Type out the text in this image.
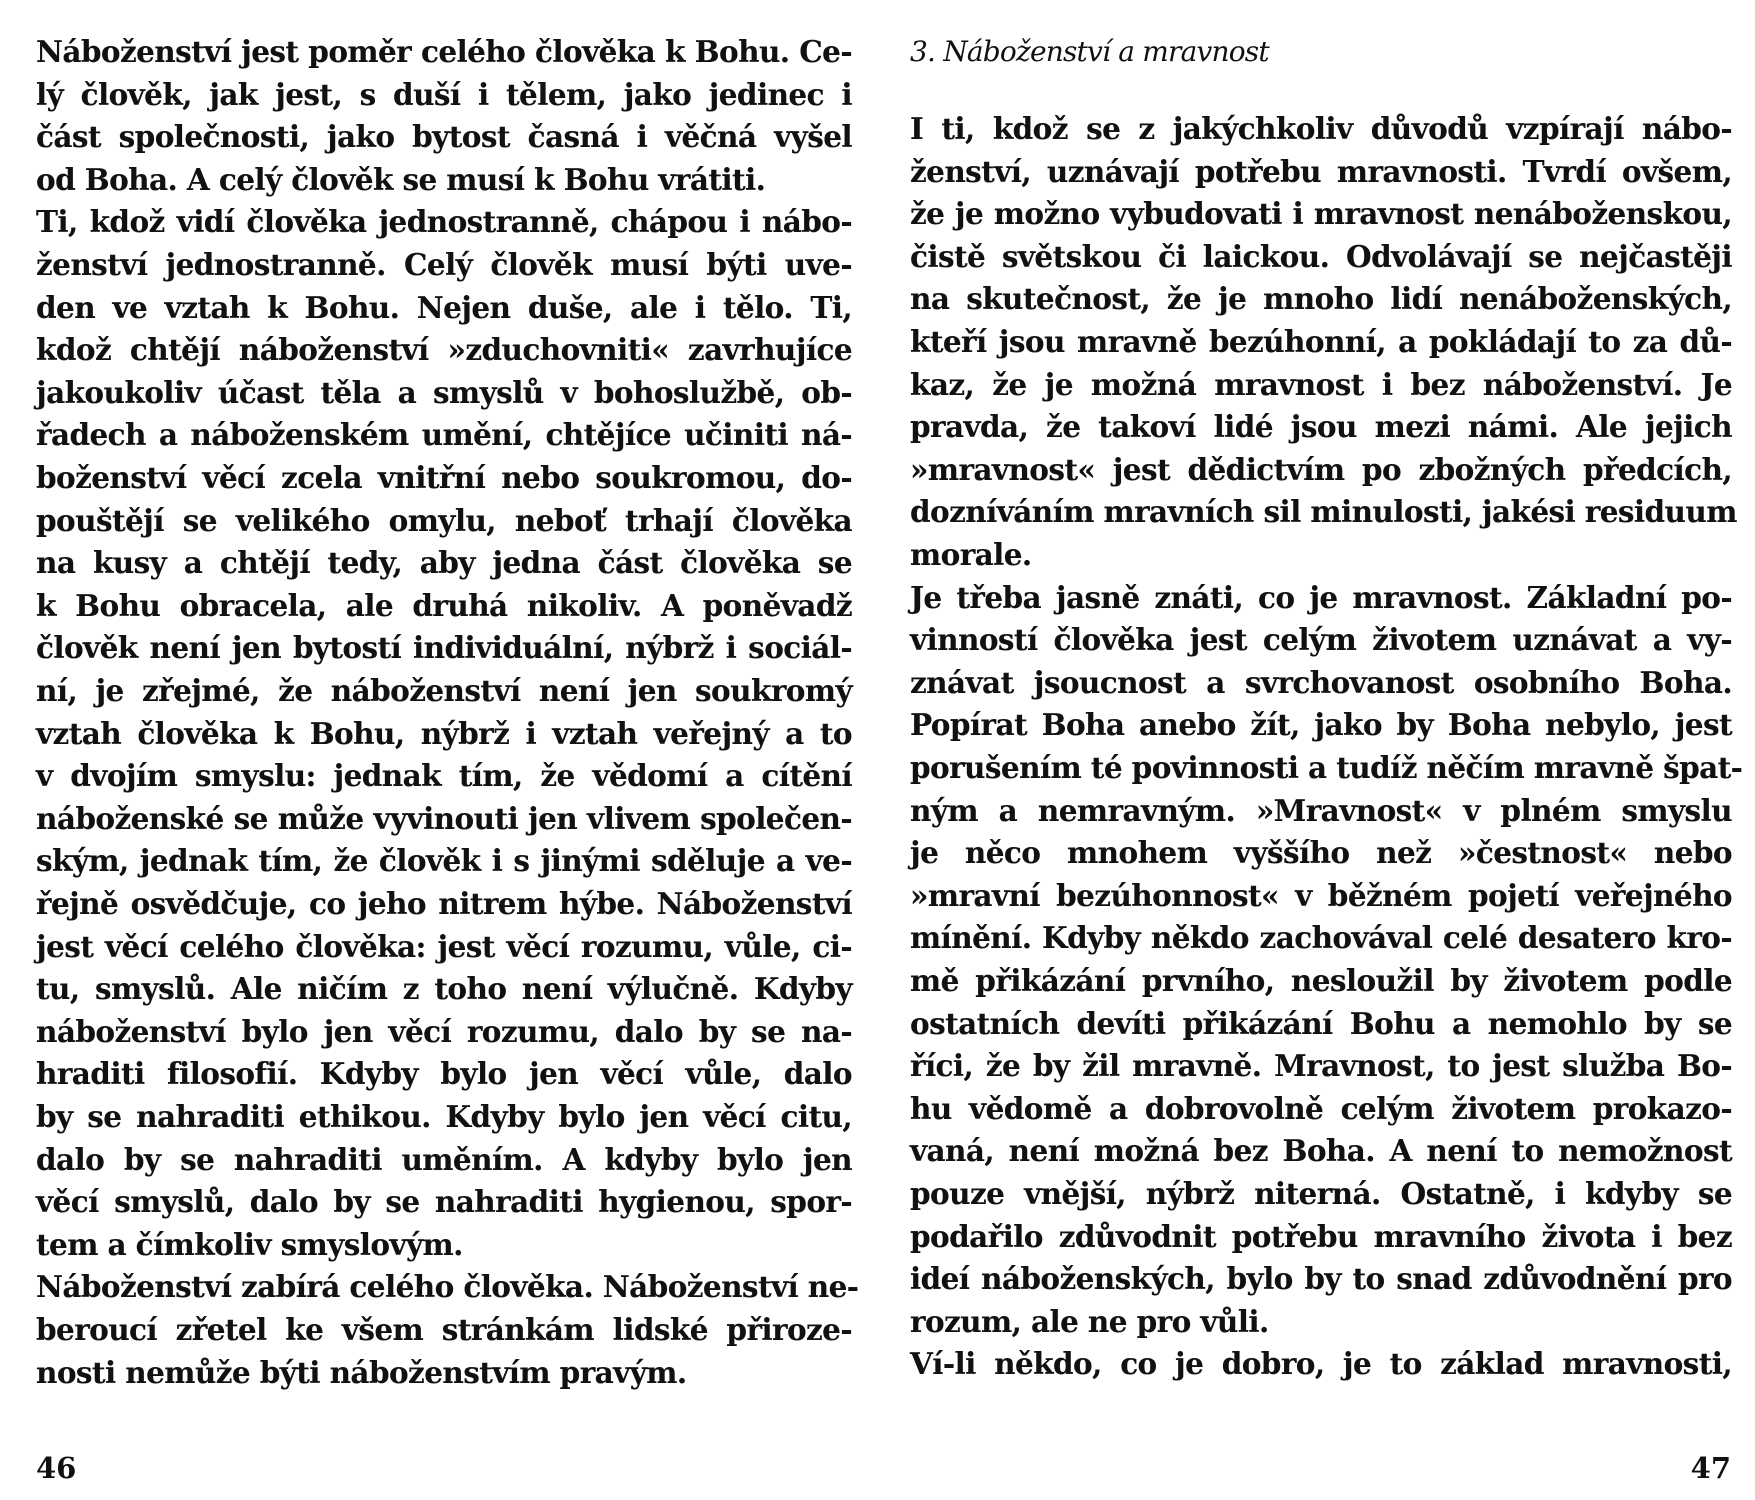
Náboženství jest poměr celého člověka k Bohu. Ce-
lý člověk, jak jest, s duší i tělem, jako jedinec i
část společnosti, jako bytost časná i věčná vyšel
od Boha. A celý člověk se musí k Bohu vrátiti.
Ti, kdož vidí člověka jednostranně, chápou i nábo-
ženství jednostranně. Celý člověk musí býti uve-
den ve vztah k Bohu. Nejen duše, ale i tělo. Ti,
kdož chtějí náboženství »zduchovniti« zavrhujíce
jakoukoliv účast těla a smyslů v bohoslužbě, ob-
řadech a náboženském umění, chtějíce učiniti ná-
boženství věcí zcela vnitřní nebo soukromou, do-
pouštějí se velikého omylu, neboť trhají člověka
na kusy a chtějí tedy, aby jedna část člověka se
k Bohu obracela, ale druhá nikoliv. A poněvadž
člověk není jen bytostí individuální, nýbrž i sociál-
ní, je zřejmé, že náboženství není jen soukromý
vztah člověka k Bohu, nýbrž i vztah veřejný a to
v dvojím smyslu: jednak tím, že vědomí a cítění
náboženské se může vyvinouti jen vlivem společen-
ským, jednak tím, že člověk i s jinými sděluje a ve-
řejně osvědčuje, co jeho nitrem hýbe. Náboženství
jest věcí celého člověka: jest věcí rozumu, vůle, ci-
tu, smyslů. Ale ničím z toho není výlučně. Kdyby
náboženství bylo jen věcí rozumu, dalo by se na-
hraditi filosofií. Kdyby bylo jen věcí vůle, dalo
by se nahraditi ethikou. Kdyby bylo jen věcí citu,
dalo by se nahraditi uměním. A kdyby bylo jen
věcí smyslů, dalo by se nahraditi hygienou, spor-
tem a čímkoliv smyslovým.
Náboženství zabírá celého člověka. Náboženství ne-
beroucí zřetel ke všem stránkám lidské přiroze-
nosti nemůže býti náboženstvím pravým.
3. Náboženství a mravnost
I ti, kdož se z jakýchkoliv důvodů vzpírají nábo-
ženství, uznávají potřebu mravnosti. Tvrdí ovšem,
že je možno vybudovati i mravnost nenáboženskou,
čistě světskou či laickou. Odvolávají se nejčastěji
na skutečnost, že je mnoho lidí nenáboženských,
kteří jsou mravně bezúhonní, a pokládají to za dů-
kaz, že je možná mravnost i bez náboženství. Je
pravda, že takoví lidé jsou mezi námi. Ale jejich
»mravnost« jest dědictvím po zbožných předcích,
dozníváním mravních sil minulosti, jakési residuum
morale.
Je třeba jasně znáti, co je mravnost. Základní po-
vinností člověka jest celým životem uznávat a vy-
znávat jsoucnost a svrchovanost osobního Boha.
Popírat Boha anebo žít, jako by Boha nebylo, jest
porušením té povinnosti a tudíž něčím mravně špat-
ným a nemravným. »Mravnost« v plném smyslu
je něco mnohem vyššího než »čestnost« nebo
»mravní bezúhonnost« v běžném pojetí veřejného
mínění. Kdyby někdo zachovával celé desatero kro-
mě přikázání prvního, nesloužil by životem podle
ostatních devíti přikázání Bohu a nemohlo by se
říci, že by žil mravně. Mravnost, to jest služba Bo-
hu vědomě a dobrovolně celým životem prokazo-
vaná, není možná bez Boha. A není to nemožnost
pouze vnější, nýbrž niterná. Ostatně, i kdyby se
podařilo zdůvodnit potřebu mravního života i bez
ideí náboženských, bylo by to snad zdůvodnění pro
rozum, ale ne pro vůli.
Ví-li někdo, co je dobro, je to základ mravnosti,
46	47
